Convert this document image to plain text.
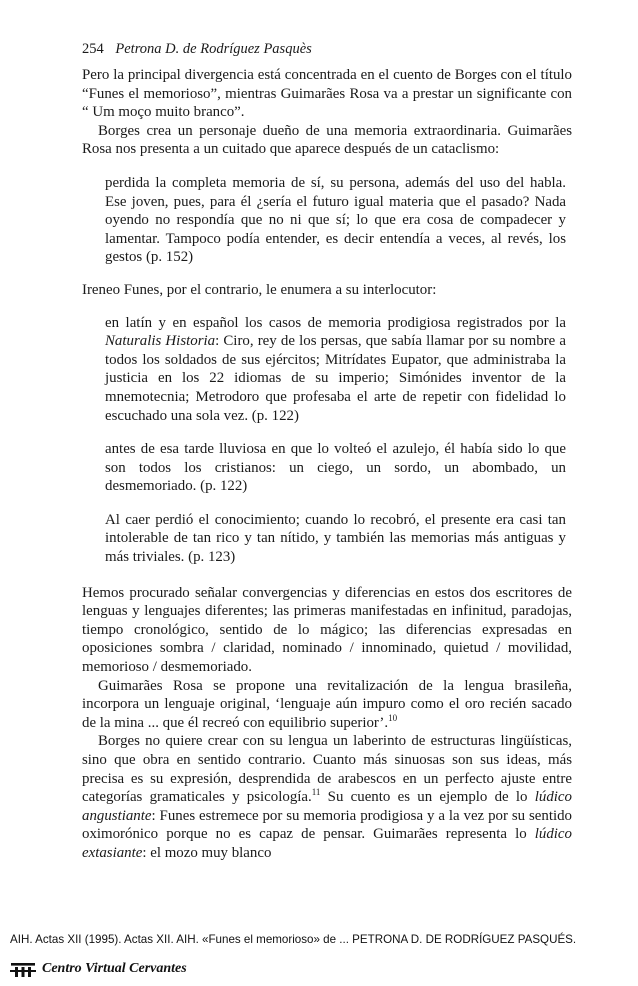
254 Petrona D. de Rodríguez Pasquès

Pero la principal divergencia está concentrada en el cuento de Borges con el título “Funes el memorioso”, mientras Guimarães Rosa va a prestar un significante con “ Um moço muito branco”.

Borges crea un personaje dueño de una memoria extraordinaria. Guimarães Rosa nos presenta a un cuitado que aparece después de un cataclismo:

perdida la completa memoria de sí, su persona, además del uso del habla. Ese joven, pues, para él ¿sería el futuro igual materia que el pasado? Nada oyendo no respondía que no ni que sí; lo que era cosa de compadecer y lamentar. Tampoco podía entender, es decir entendía a veces, al revés, los gestos (p. 152)

Ireneo Funes, por el contrario, le enumera a su interlocutor:

en latín y en español los casos de memoria prodigiosa registrados por la Naturalis Historia: Ciro, rey de los persas, que sabía llamar por su nombre a todos los soldados de sus ejércitos; Mitrídates Eupator, que administraba la justicia en los 22 idiomas de su imperio; Simónides inventor de la mnemotecnia; Metrodoro que profesaba el arte de repetir con fidelidad lo escuchado una sola vez. (p. 122)

antes de esa tarde lluviosa en que lo volteó el azulejo, él había sido lo que son todos los cristianos: un ciego, un sordo, un abombado, un desmemoriado. (p. 122)

Al caer perdió el conocimiento; cuando lo recobró, el presente era casi tan intolerable de tan rico y tan nítido, y también las memorias más antiguas y más triviales. (p. 123)

Hemos procurado señalar convergencias y diferencias en estos dos escritores de lenguas y lenguajes diferentes; las primeras manifestadas en infinitud, paradojas, tiempo cronológico, sentido de lo mágico; las diferencias expresadas en oposiciones sombra / claridad, nominado / innominado, quietud / movilidad, memorioso / desmemoriado.

Guimarães Rosa se propone una revitalización de la lengua brasileña, incorpora un lenguaje original, ‘lenguaje aún impuro como el oro recién sacado de la mina ... que él recreó con equilibrio superior’.$^{10}$

Borges no quiere crear con su lengua un laberinto de estructuras lingüísticas, sino que obra en sentido contrario. Cuanto más sinuosas son sus ideas, más precisa es su expresión, desprendida de arabescos en un perfecto ajuste entre categorías gramaticales y psicología.$^{11}$ Su cuento es un ejemplo de lo lúdico angustiante: Funes estremece por su memoria prodigiosa y a la vez por su sentido oximorónico porque no es capaz de pensar. Guimarães representa lo lúdico extasiante: el mozo muy blanco

AIH. Actas XII (1995). Actas XII. AIH. «Funes el memorioso» de ... PETRONA D. DE RODRÍGUEZ PASQUÉS.
Centro Virtual Cervantes
